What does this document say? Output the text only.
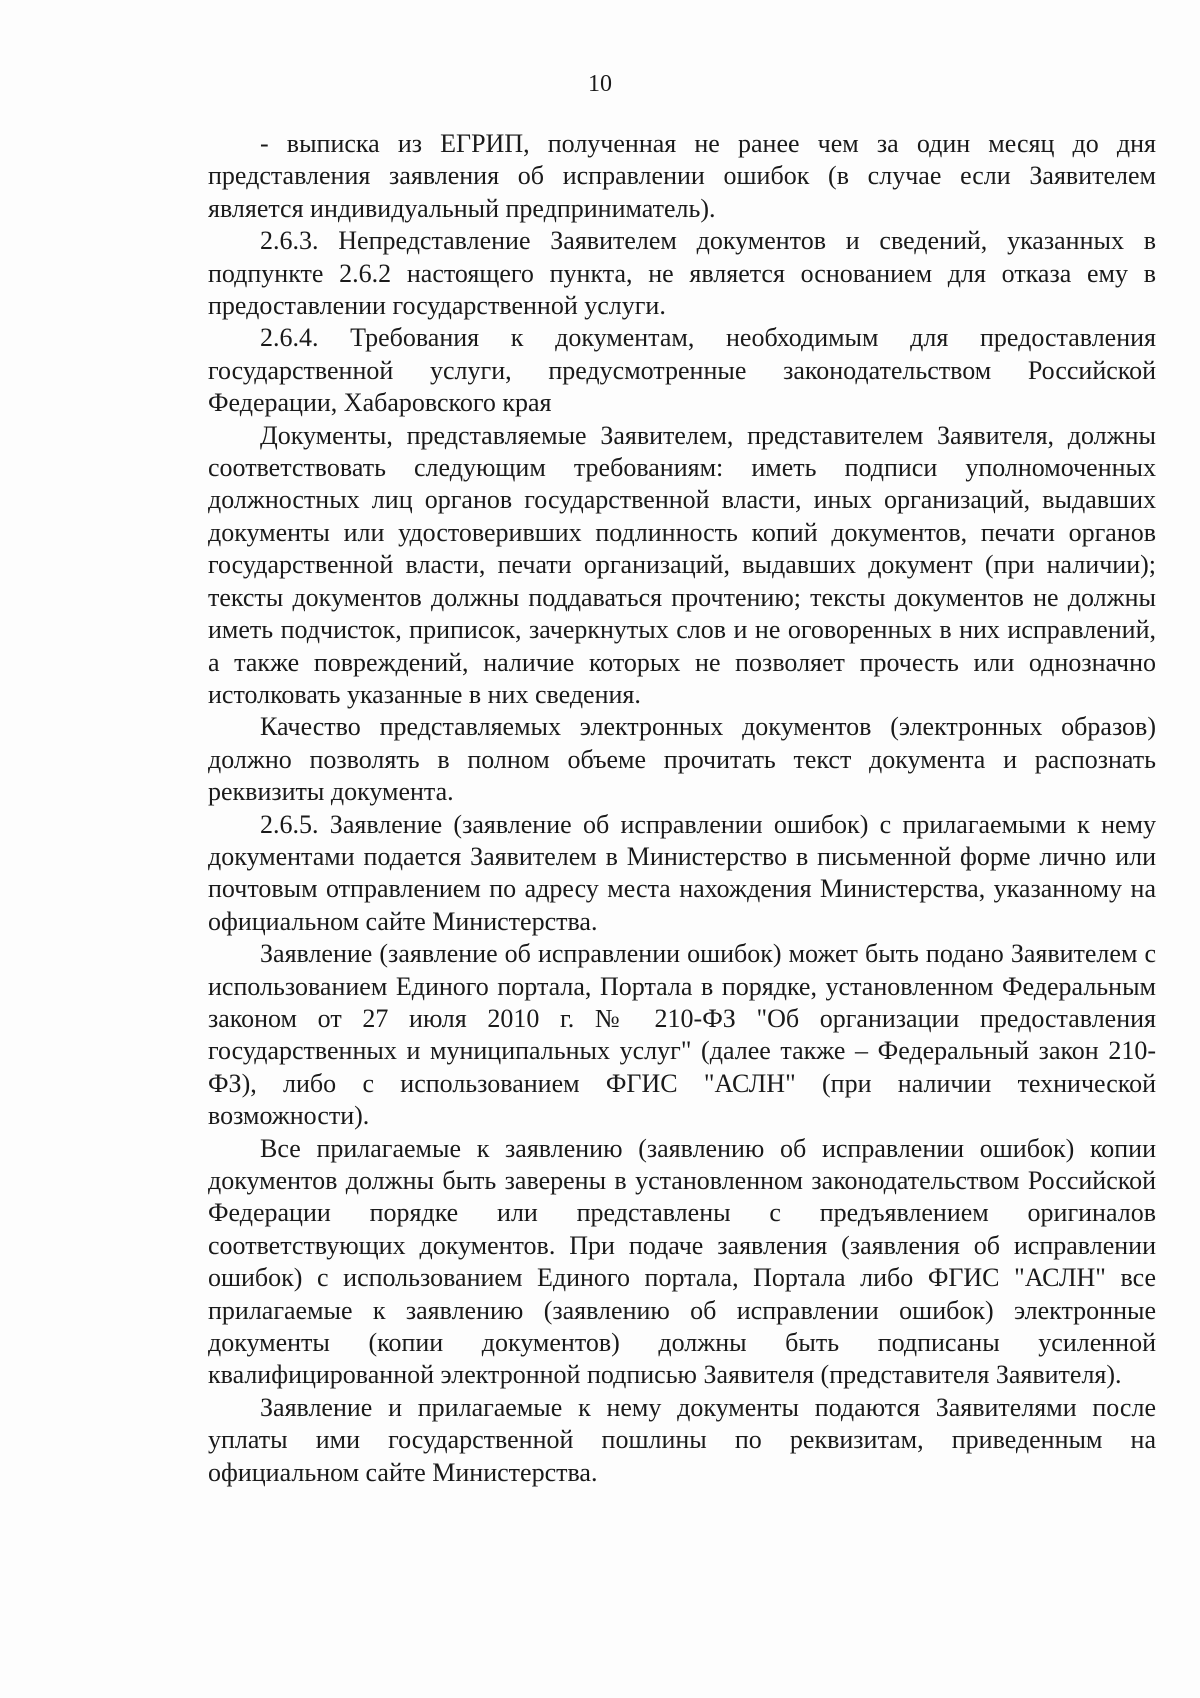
10

- выписка из ЕГРИП, полученная не ранее чем за один месяц до дня представления заявления об исправлении ошибок (в случае если Заявителем является индивидуальный предприниматель).

2.6.3. Непредставление Заявителем документов и сведений, указанных в подпункте 2.6.2 настоящего пункта, не является основанием для отказа ему в предоставлении государственной услуги.

2.6.4. Требования к документам, необходимым для предоставления государственной услуги, предусмотренные законодательством Российской Федерации, Хабаровского края

Документы, представляемые Заявителем, представителем Заявителя, должны соответствовать следующим требованиям: иметь подписи уполномоченных должностных лиц органов государственной власти, иных организаций, выдавших документы или удостоверивших подлинность копий документов, печати органов государственной власти, печати организаций, выдавших документ (при наличии); тексты документов должны поддаваться прочтению; тексты документов не должны иметь подчисток, приписок, зачеркнутых слов и не оговоренных в них исправлений, а также повреждений, наличие которых не позволяет прочесть или однозначно истолковать указанные в них сведения.

Качество представляемых электронных документов (электронных образов) должно позволять в полном объеме прочитать текст документа и распознать реквизиты документа.

2.6.5. Заявление (заявление об исправлении ошибок) с прилагаемыми к нему документами подается Заявителем в Министерство в письменной форме лично или почтовым отправлением по адресу места нахождения Министерства, указанному на официальном сайте Министерства.

Заявление (заявление об исправлении ошибок) может быть подано Заявителем с использованием Единого портала, Портала в порядке, установленном Федеральным законом от 27 июля 2010 г. № 210-ФЗ "Об организации предоставления государственных и муниципальных услуг" (далее также – Федеральный закон 210-ФЗ), либо с использованием ФГИС "АСЛН" (при наличии технической возможности).

Все прилагаемые к заявлению (заявлению об исправлении ошибок) копии документов должны быть заверены в установленном законодательством Российской Федерации порядке или представлены с предъявлением оригиналов соответствующих документов. При подаче заявления (заявления об исправлении ошибок) с использованием Единого портала, Портала либо ФГИС "АСЛН" все прилагаемые к заявлению (заявлению об исправлении ошибок) электронные документы (копии документов) должны быть подписаны усиленной квалифицированной электронной подписью Заявителя (представителя Заявителя).

Заявление и прилагаемые к нему документы подаются Заявителями после уплаты ими государственной пошлины по реквизитам, приведенным на официальном сайте Министерства.
